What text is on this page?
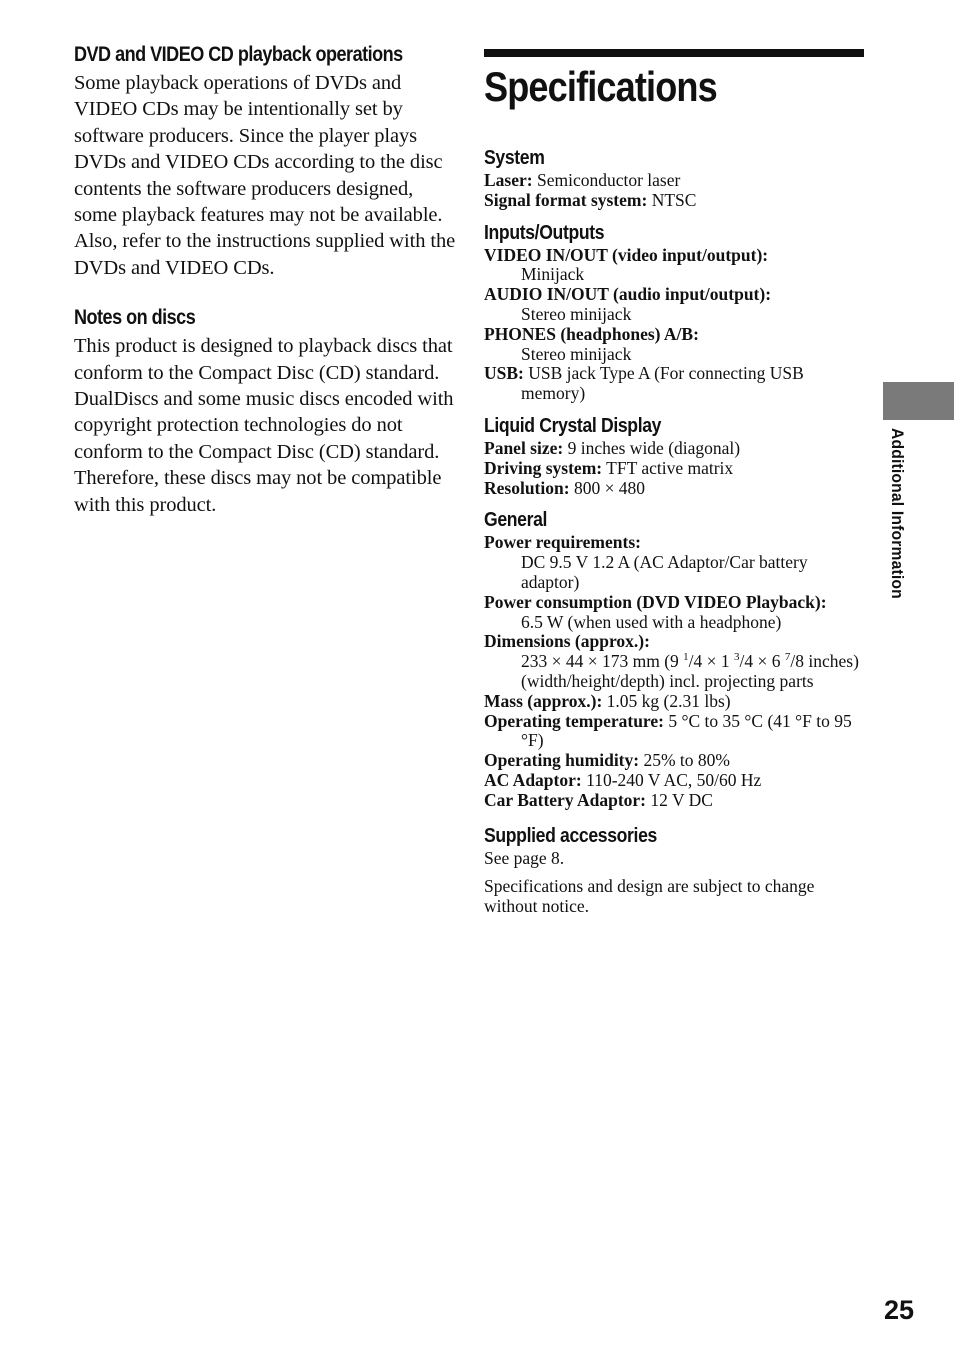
DVD and VIDEO CD playback operations

Some playback operations of DVDs and VIDEO CDs may be intentionally set by software producers. Since the player plays DVDs and VIDEO CDs according to the disc contents the software producers designed, some playback features may not be available. Also, refer to the instructions supplied with the DVDs and VIDEO CDs.

Notes on discs

This product is designed to playback discs that conform to the Compact Disc (CD) standard.

DualDiscs and some music discs encoded with copyright protection technologies do not conform to the Compact Disc (CD) standard. Therefore, these discs may not be compatible with this product.

Specifications
System

Laser: Semiconductor laser

Signal format system: NTSC

Inputs/Outputs

VIDEO IN/OUT (video input/output):

Minijack

AUDIO IN/OUT (audio input/output):

Stereo minijack

PHONES (headphones) A/B:

Stereo minijack

USB: USB jack Type A (For connecting USB memory)

Liquid Crystal Display

Panel size: 9 inches wide (diagonal)

Driving system: TFT active matrix

Resolution: 800 × 480

General

Power requirements:

DC 9.5 V 1.2 A (AC Adaptor/Car battery adaptor)

Power consumption (DVD VIDEO Playback):

6.5 W (when used with a headphone)

Dimensions (approx.):

233 × 44 × 173 mm (9 $^1$/4 × 1 $^3$/4 × 6 $^7$/8 inches) (width/height/depth) incl. projecting parts

Mass (approx.): 1.05 kg (2.31 lbs)

Operating temperature: 5 °C to 35 °C (41 °F to 95 °F)

Operating humidity: 25% to 80%

AC Adaptor: 110-240 V AC, 50/60 Hz

Car Battery Adaptor: 12 V DC

Supplied accessories

See page 8.

Specifications and design are subject to change without notice.

Additional Information
25
